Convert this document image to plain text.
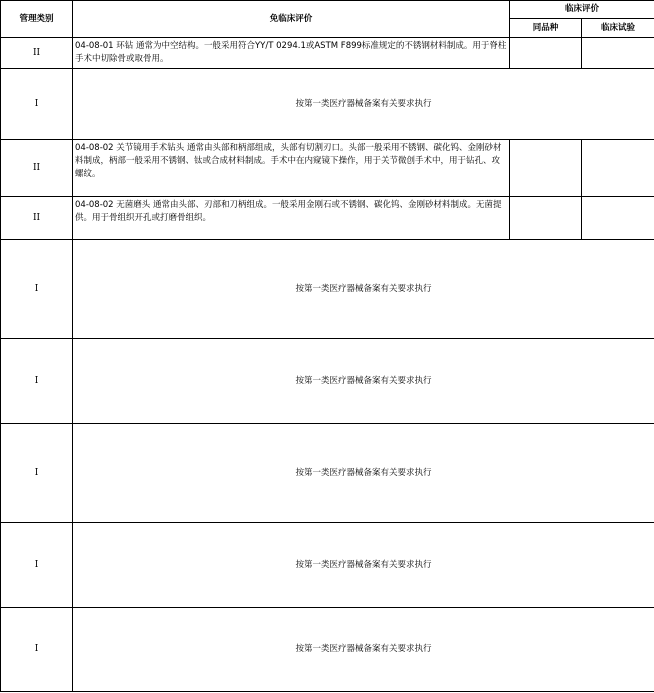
管理类别	免临床评价	临床评价	
		同品种	临床试验
II	04-08-01 环钻 通常为中空结构。一般采用符合YY/T 0294.1或ASTM F899标准规定的不锈钢材料制成。用于脊柱手术中切除骨或取骨用。		
I	按第一类医疗器械备案有关要求执行		
II	04-08-02 关节镜用手术钻头 通常由头部和柄部组成，头部有切割刃口。头部一般采用不锈钢、碳化钨、金刚砂材料制成，柄部一般采用不锈钢、钛或合成材料制成。手术中在内窥镜下操作，用于关节微创手术中，用于钻孔、攻螺纹。		
II	04-08-02 无菌磨头 通常由头部、刃部和刀柄组成。一般采用金刚石或不锈钢、碳化钨、金刚砂材料制成。无菌提供。用于骨组织开孔或打磨骨组织。		
I	按第一类医疗器械备案有关要求执行		
I	按第一类医疗器械备案有关要求执行		
I	按第一类医疗器械备案有关要求执行		
I	按第一类医疗器械备案有关要求执行		
I	按第一类医疗器械备案有关要求执行		
